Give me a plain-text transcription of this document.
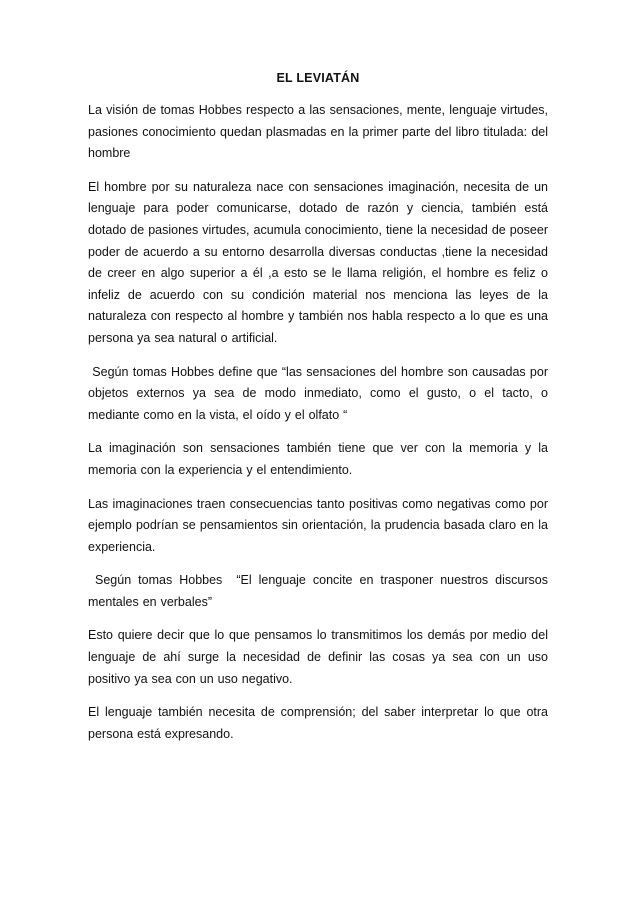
EL LEVIATÁN

La visión de tomas Hobbes respecto a las sensaciones, mente, lenguaje virtudes, pasiones conocimiento quedan plasmadas en la primer parte del libro titulada: del hombre

El hombre por su naturaleza nace con sensaciones imaginación, necesita de un lenguaje para poder comunicarse, dotado de razón y ciencia, también está dotado de pasiones virtudes, acumula conocimiento, tiene la necesidad de poseer poder de acuerdo a su entorno desarrolla diversas conductas ,tiene la necesidad de creer en algo superior a él ,a esto se le llama religión, el hombre es feliz o infeliz de acuerdo con su condición material nos menciona las leyes de la naturaleza con respecto al hombre y también nos habla respecto a lo que es una persona ya sea natural o artificial.

Según tomas Hobbes define que “las sensaciones del hombre son causadas por objetos externos ya sea de modo inmediato, como el gusto, o el tacto, o mediante como en la vista, el oído y el olfato “

La imaginación son sensaciones también tiene que ver con la memoria y la memoria con la experiencia y el entendimiento.

Las imaginaciones traen consecuencias tanto positivas como negativas como por ejemplo podrían se pensamientos sin orientación, la prudencia basada claro en la experiencia.

Según tomas Hobbes  “El lenguaje concite en trasponer nuestros discursos mentales en verbales”

Esto quiere decir que lo que pensamos lo transmitimos los demás por medio del lenguaje de ahí surge la necesidad de definir las cosas ya sea con un uso positivo ya sea con un uso negativo.

El lenguaje también necesita de comprensión; del saber interpretar lo que otra persona está expresando.
